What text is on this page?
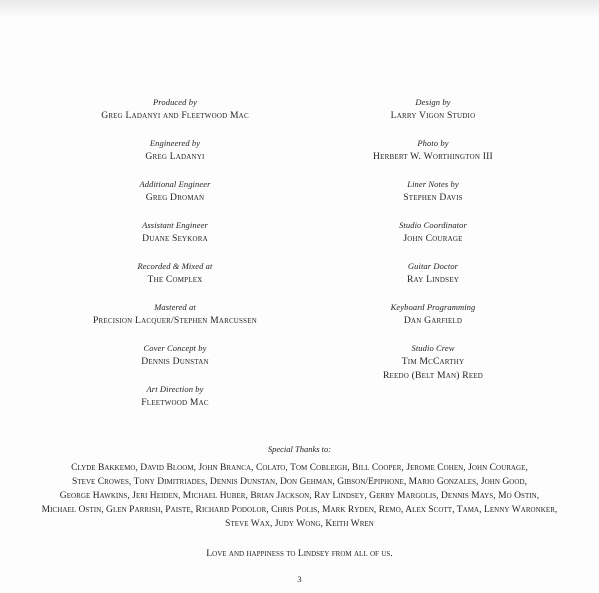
Produced by
Greg Ladanyi and Fleetwood Mac
Engineered by
Greg Ladanyi
Additional Engineer
Greg Droman
Assistant Engineer
Duane Seykora
Recorded & Mixed at
The Complex
Mastered at
Precision Lacquer/Stephen Marcussen
Cover Concept by
Dennis Dunstan
Art Direction by
Fleetwood Mac
Design by
Larry Vigon Studio
Photo by
Herbert W. Worthington III
Liner Notes by
Stephen Davis
Studio Coordinator
John Courage
Guitar Doctor
Ray Lindsey
Keyboard Programming
Dan Garfield
Studio Crew
Tim McCarthy
Reedo (Belt Man) Reed
Special Thanks to:
Clyde Bakkemo, David Bloom, John Branca, Colato, Tom Cobleigh, Bill Cooper, Jerome Cohen, John Courage,
Steve Crowes, Tony Dimitriades, Dennis Dunstan, Don Gehman, Gibson/Epiphone, Mario Gonzales, John Good,
George Hawkins, Jeri Heiden, Michael Huber, Brian Jackson, Ray Lindsey, Gerry Margolis, Dennis Mays, Mo Ostin,
Michael Ostin, Glen Parrish, Paiste, Richard Podolor, Chris Polis, Mark Ryden, Remo, Alex Scott, Tama, Lenny Waronker,
Steve Wax, Judy Wong, Keith Wren
Love and happiness to Lindsey from all of us.
3
